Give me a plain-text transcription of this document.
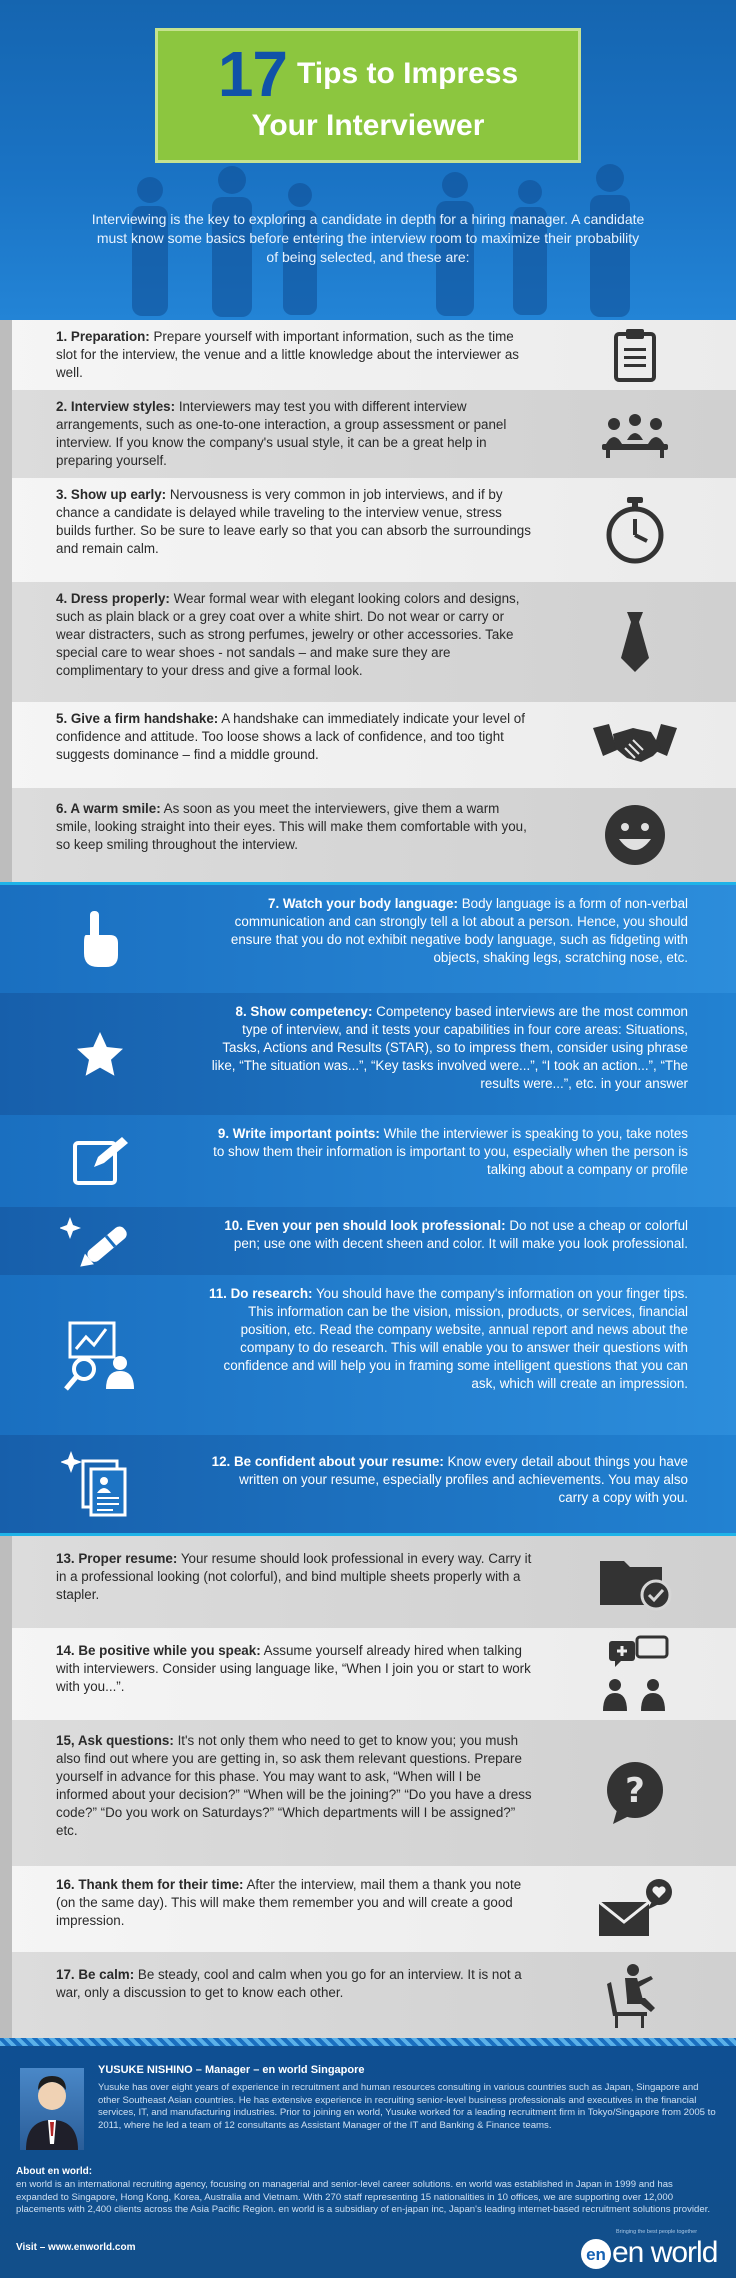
17 Tips to Impress
Your Interviewer

Interviewing is the key to exploring a candidate in depth for a hiring manager. A candidate must know some basics before entering the interview room to maximize their probability of being selected, and these are:

1. Preparation: Prepare yourself with important information, such as the time slot for the interview, the venue and a little knowledge about the interviewer as well.

2. Interview styles: Interviewers may test you with different interview arrangements, such as one-to-one interaction, a group assessment or panel interview. If you know the company's usual style, it can be a great help in preparing yourself.

3. Show up early: Nervousness is very common in job interviews, and if by chance a candidate is delayed while traveling to the interview venue, stress builds further. So be sure to leave early so that you can absorb the surroundings and remain calm.

4. Dress properly: Wear formal wear with elegant looking colors and designs, such as plain black or a grey coat over a white shirt. Do not wear or carry or wear distracters, such as strong perfumes, jewelry or other accessories. Take special care to wear shoes - not sandals – and make sure they are complimentary to your dress and give a formal look.

5. Give a firm handshake: A handshake can immediately indicate your level of confidence and attitude. Too loose shows a lack of confidence, and too tight suggests dominance – find a middle ground.

6. A warm smile: As soon as you meet the interviewers, give them a warm smile, looking straight into their eyes. This will make them comfortable with you, so keep smiling throughout the interview.

7. Watch your body language: Body language is a form of non-verbal communication and can strongly tell a lot about a person. Hence, you should ensure that you do not exhibit negative body language, such as fidgeting with objects, shaking legs, scratching nose, etc.

8. Show competency: Competency based interviews are the most common type of interview, and it tests your capabilities in four core areas: Situations, Tasks, Actions and Results (STAR), so to impress them, consider using phrase like, “The situation was...”, “Key tasks involved were...”, “I took an action...”, “The results were...”, etc. in your answer

9. Write important points: While the interviewer is speaking to you, take notes to show them their information is important to you, especially when the person is talking about a company or profile

10. Even your pen should look professional: Do not use a cheap or colorful pen; use one with decent sheen and color. It will make you look professional.

11. Do research: You should have the company's information on your finger tips. This information can be the vision, mission, products, or services, financial position, etc. Read the company website, annual report and news about the company to do research. This will enable you to answer their questions with confidence and will help you in framing some intelligent questions that you can ask, which will create an impression.

12. Be confident about your resume: Know every detail about things you have written on your resume, especially profiles and achievements. You may also carry a copy with you.

13. Proper resume: Your resume should look professional in every way. Carry it in a professional looking (not colorful), and bind multiple sheets properly with a stapler.

14. Be positive while you speak: Assume yourself already hired when talking with interviewers. Consider using language like, “When I join you or start to work with you...”.

15, Ask questions: It's not only them who need to get to know you; you mush also find out where you are getting in, so ask them relevant questions. Prepare yourself in advance for this phase. You may want to ask, “When will I be informed about your decision?” “When will be the joining?” “Do you have a dress code?” “Do you work on Saturdays?” “Which departments will I be assigned?” etc.

?

16. Thank them for their time: After the interview, mail them a thank you note (on the same day). This will make them remember you and will create a good impression.

17. Be calm: Be steady, cool and calm when you go for an interview. It is not a war, only a discussion to get to know each other.

YUSUKE NISHINO – Manager – en world Singapore

Yusuke has over eight years of experience in recruitment and human resources consulting in various countries such as Japan, Singapore and other Southeast Asian countries. He has extensive experience in recruiting senior-level business professionals and executives in the financial services, IT, and manufacturing industries. Prior to joining en world, Yusuke worked for a leading recruitment firm in Tokyo/Singapore from 2005 to 2011, where he led a team of 12 consultants as Assistant Manager of the IT and Banking & Finance teams.

About en world:

en world is an international recruiting agency, focusing on managerial and senior-level career solutions. en world was established in Japan in 1999 and has expanded to Singapore, Hong Kong, Korea, Australia and Vietnam. With 270 staff representing 15 nationalities in 10 offices, we are supporting over 12,000 placements with 2,400 clients across the Asia Pacific Region. en world is a subsidiary of en-japan inc, Japan's leading internet-based recruitment solutions provider.

Visit – www.enworld.com
Bringing the best people together
en en world
